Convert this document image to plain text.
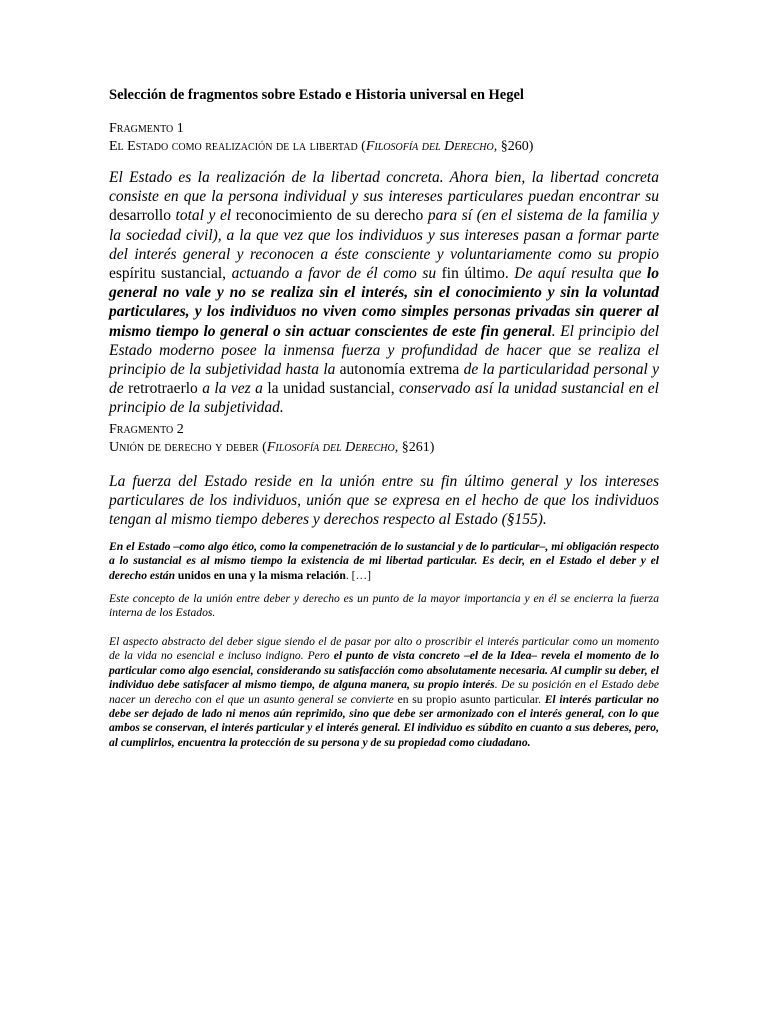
Selección de fragmentos sobre Estado e Historia universal en Hegel
Fragmento 1
El Estado como realización de la libertad (Filosofía del Derecho, §260)

El Estado es la realización de la libertad concreta. Ahora bien, la libertad concreta consiste en que la persona individual y sus intereses particulares puedan encontrar su desarrollo total y el reconocimiento de su derecho para sí (en el sistema de la familia y la sociedad civil), a la que vez que los individuos y sus intereses pasan a formar parte del interés general y reconocen a éste consciente y voluntariamente como su propio espíritu sustancial, actuando a favor de él como su fin último. De aquí resulta que lo general no vale y no se realiza sin el interés, sin el conocimiento y sin la voluntad particulares, y los individuos no viven como simples personas privadas sin querer al mismo tiempo lo general o sin actuar conscientes de este fin general. El principio del Estado moderno posee la inmensa fuerza y profundidad de hacer que se realiza el principio de la subjetividad hasta la autonomía extrema de la particularidad personal y de retrotraerlo a la vez a la unidad sustancial, conservado así la unidad sustancial en el principio de la subjetividad.

Fragmento 2
Unión de derecho y deber (Filosofía del Derecho, §261)

La fuerza del Estado reside en la unión entre su fin último general y los intereses particulares de los individuos, unión que se expresa en el hecho de que los individuos tengan al mismo tiempo deberes y derechos respecto al Estado (§155).

En el Estado –como algo ético, como la compenetración de lo sustancial y de lo particular–, mi obligación respecto a lo sustancial es al mismo tiempo la existencia de mi libertad particular. Es decir, en el Estado el deber y el derecho están unidos en una y la misma relación. […]

Este concepto de la unión entre deber y derecho es un punto de la mayor importancia y en él se encierra la fuerza interna de los Estados.

El aspecto abstracto del deber sigue siendo el de pasar por alto o proscribir el interés particular como un momento de la vida no esencial e incluso indigno. Pero el punto de vista concreto –el de la Idea– revela el momento de lo particular como algo esencial, considerando su satisfacción como absolutamente necesaria. Al cumplir su deber, el individuo debe satisfacer al mismo tiempo, de alguna manera, su propio interés. De su posición en el Estado debe nacer un derecho con el que un asunto general se convierte en su propio asunto particular. El interés particular no debe ser dejado de lado ni menos aún reprimido, sino que debe ser armonizado con el interés general, con lo que ambos se conservan, el interés particular y el interés general. El individuo es súbdito en cuanto a sus deberes, pero, al cumplirlos, encuentra la protección de su persona y de su propiedad como ciudadano.
